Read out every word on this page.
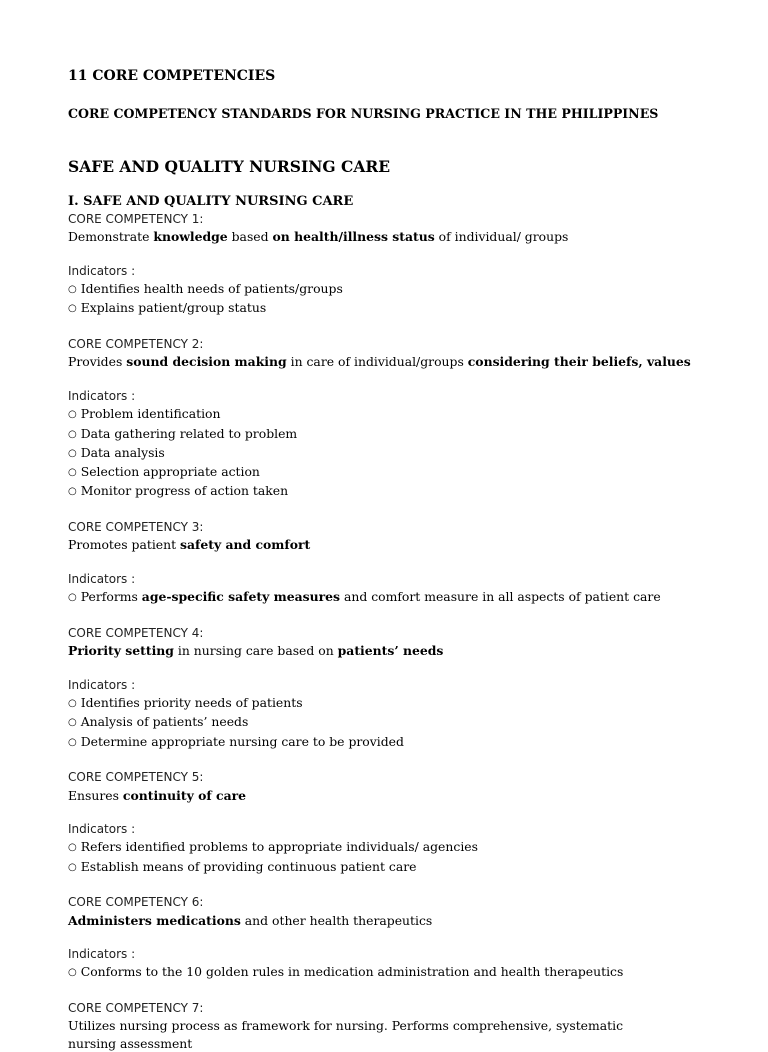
11 CORE COMPETENCIES
CORE COMPETENCY STANDARDS FOR NURSING PRACTICE IN THE PHILIPPINES
SAFE AND QUALITY NURSING CARE
I. SAFE AND QUALITY NURSING CARE
CORE COMPETENCY 1:
Demonstrate knowledge based on health/illness status of individual/ groups
Indicators :
○ Identifies health needs of patients/groups
○ Explains patient/group status
CORE COMPETENCY 2:
Provides sound decision making in care of individual/groups considering their beliefs, values
Indicators :
○ Problem identification
○ Data gathering related to problem
○ Data analysis
○ Selection appropriate action
○ Monitor progress of action taken
CORE COMPETENCY 3:
Promotes patient safety and comfort
Indicators :
○ Performs age-specific safety measures and comfort measure in all aspects of patient care
CORE COMPETENCY 4:
Priority setting in nursing care based on patients’ needs
Indicators :
○ Identifies priority needs of patients
○ Analysis of patients’ needs
○ Determine appropriate nursing care to be provided
CORE COMPETENCY 5:
Ensures continuity of care
Indicators :
○ Refers identified problems to appropriate individuals/ agencies
○ Establish means of providing continuous patient care
CORE COMPETENCY 6:
Administers medications and other health therapeutics
Indicators :
○ Conforms to the 10 golden rules in medication administration and health therapeutics
CORE COMPETENCY 7:
Utilizes nursing process as framework for nursing. Performs comprehensive, systematic nursing assessment
